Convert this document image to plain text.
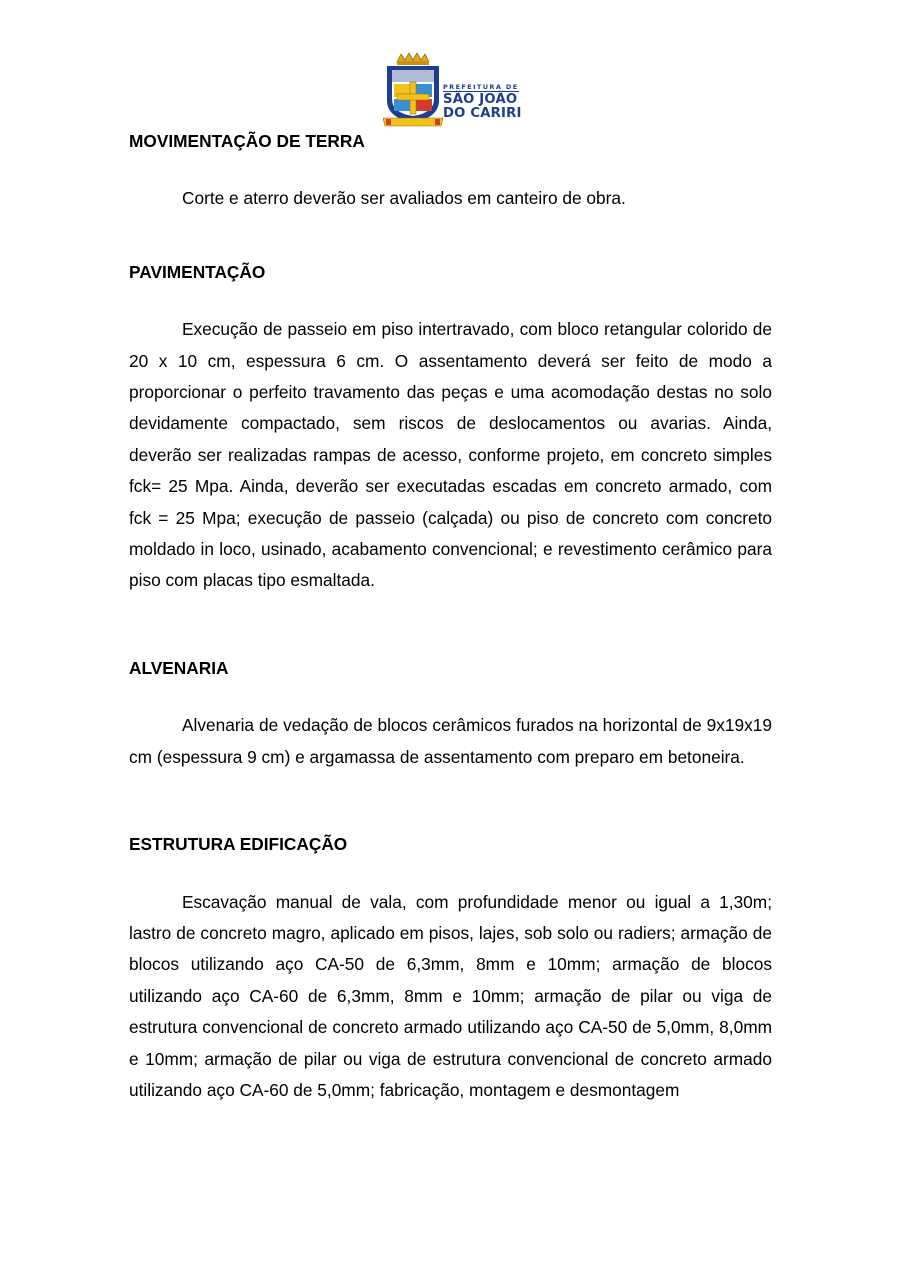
★ ★ ★
PREFEITURA DE
SÃO JOÃO
DO CARIRI

MOVIMENTAÇÃO DE TERRA

Corte e aterro deverão ser avaliados em canteiro de obra.

PAVIMENTAÇÃO

Execução de passeio em piso intertravado, com bloco retangular colorido de 20 x 10 cm, espessura 6 cm. O assentamento deverá ser feito de modo a proporcionar o perfeito travamento das peças e uma acomodação destas no solo devidamente compactado, sem riscos de deslocamentos ou avarias. Ainda, deverão ser realizadas rampas de acesso, conforme projeto, em concreto simples fck= 25 Mpa. Ainda, deverão ser executadas escadas em concreto armado, com fck = 25 Mpa; execução de passeio (calçada) ou piso de concreto com concreto moldado in loco, usinado, acabamento convencional; e revestimento cerâmico para piso com placas tipo esmaltada.

ALVENARIA

Alvenaria de vedação de blocos cerâmicos furados na horizontal de 9x19x19 cm (espessura 9 cm) e argamassa de assentamento com preparo em betoneira.

ESTRUTURA EDIFICAÇÃO

Escavação manual de vala, com profundidade menor ou igual a 1,30m; lastro de concreto magro, aplicado em pisos, lajes, sob solo ou radiers; armação de blocos utilizando aço CA-50 de 6,3mm, 8mm e 10mm; armação de blocos utilizando aço CA-60 de 6,3mm, 8mm e 10mm; armação de pilar ou viga de estrutura convencional de concreto armado utilizando aço CA-50 de 5,0mm, 8,0mm e 10mm; armação de pilar ou viga de estrutura convencional de concreto armado utilizando aço CA-60 de 5,0mm; fabricação, montagem e desmontagem
